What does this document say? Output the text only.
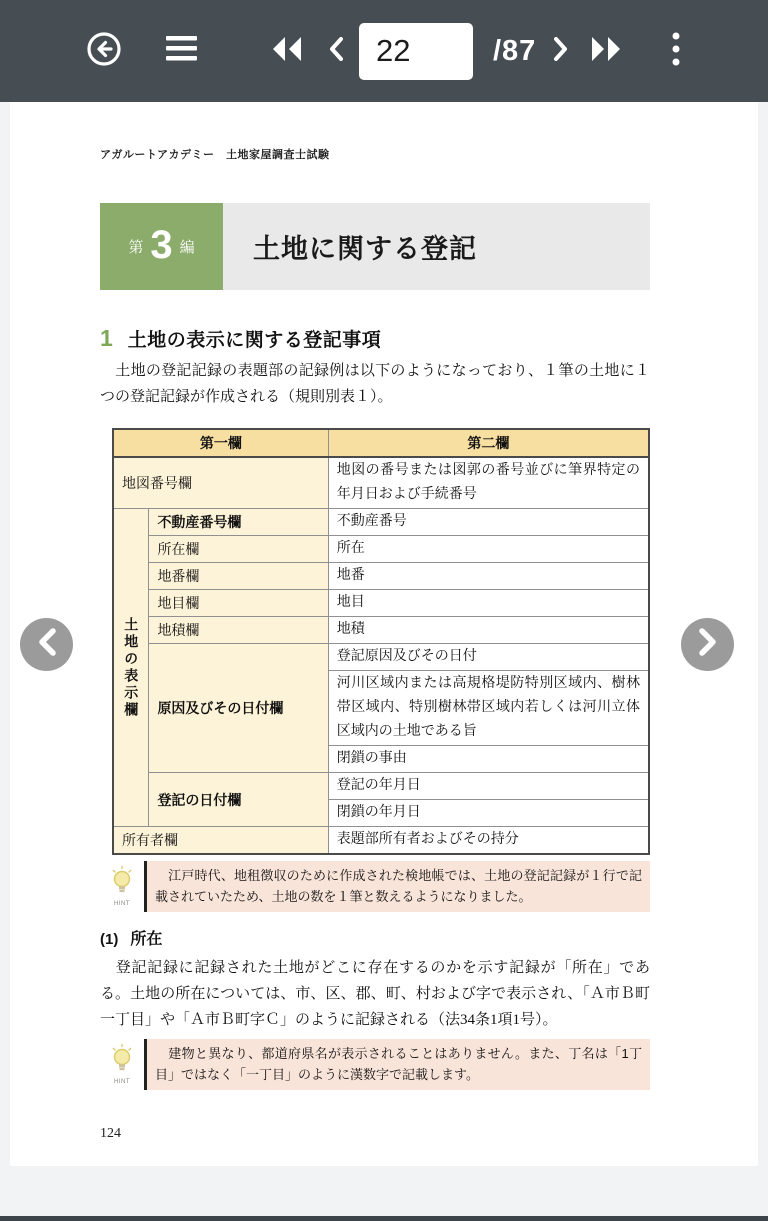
22
/87
アガルートアカデミー　土地家屋調査士試験
第 3 編	土地に関する登記
1 土地の表示に関する登記事項
　土地の登記記録の表題部の記録例は以下のようになっており、１筆の土地に１つの登記記録が作成される（規則別表１）。
第一欄		第二欄
地図番号欄		地図の番号または図郭の番号並びに筆界特定の年月日および手続番号
土地の表示欄	不動産番号欄	不動産番号
	所在欄	所在
	地番欄	地番
	地目欄	地目
	地積欄	地積
	原因及びその日付欄	登記原因及びその日付
		河川区域内または高規格堤防特別区域内、樹林帯区域内、特別樹林帯区域内若しくは河川立体区域内の土地である旨
		閉鎖の事由
	登記の日付欄	登記の年月日
		閉鎖の年月日
所有者欄		表題部所有者およびその持分
HINT
　江戸時代、地租徴収のために作成された検地帳では、土地の登記記録が１行で記載されていたため、土地の数を１筆と数えるようになりました。
(1) 所在
　登記記録に記録された土地がどこに存在するのかを示す記録が「所在」である。土地の所在については、市、区、郡、町、村および字で表示され、「Ａ市Ｂ町一丁目」や「Ａ市Ｂ町字Ｃ」のように記録される（法34条1項1号）。
HINT
　建物と異なり、都道府県名が表示されることはありません。また、丁名は「1丁目」ではなく「一丁目」のように漢数字で記載します。
124
